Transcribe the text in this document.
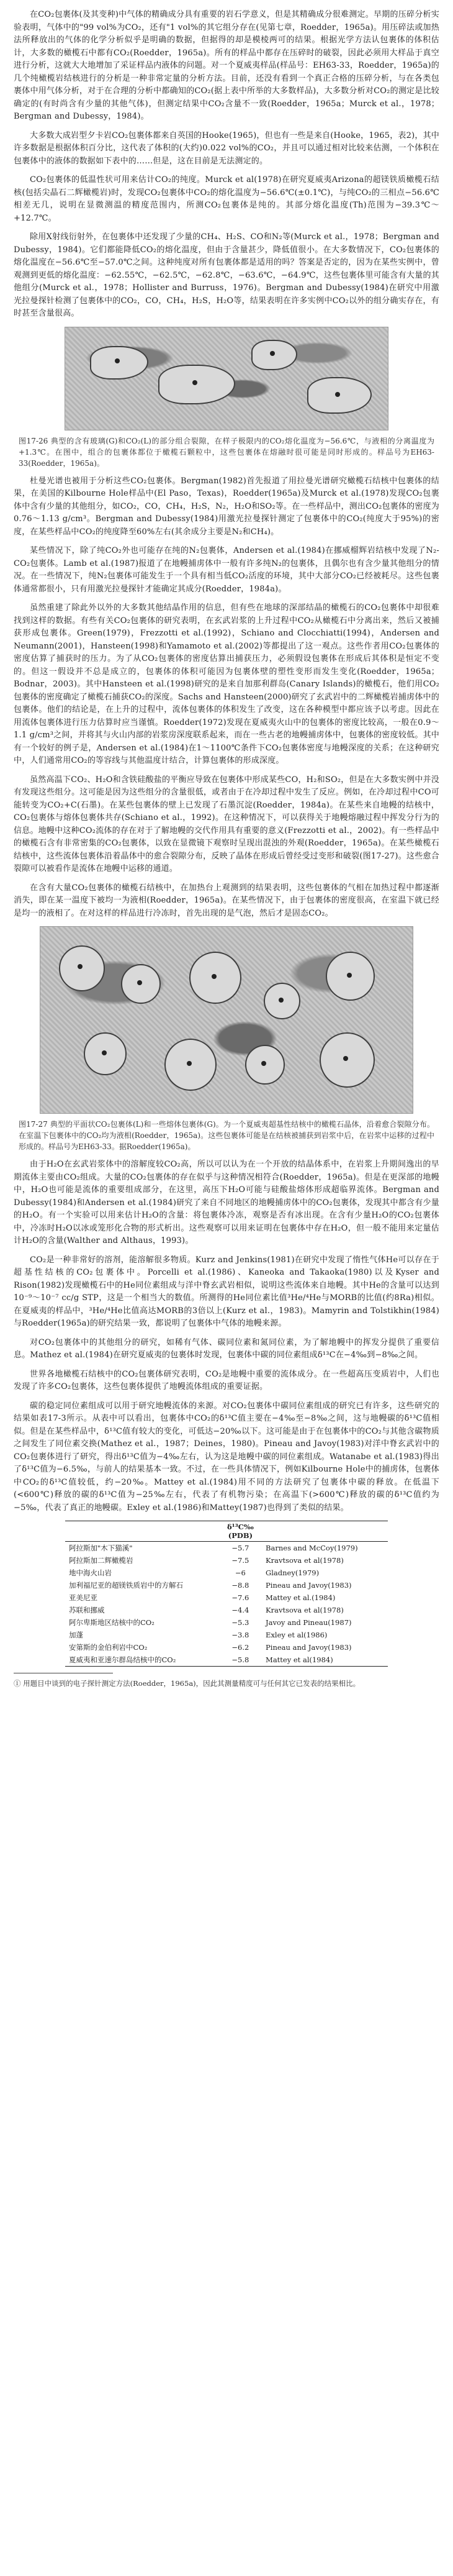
在CO₂包裹体(及其变种)中气体的精确成分具有重要的岩石学意义，但是其精确成分很难测定。早期的压碎分析实验表明，气体中的"99 vol%为CO₂，还有"1 vol%的其它组分存在(见第七章，Roedder，1965a)。用压碎法或加热法所释放出的气体的化学分析似乎是明确的数据，但据得的却是模棱两可的结果。根据光学方法认包裹体的体积估计，大多数的橄榄石中都有CO₂(Roedder，1965a)。所有的样品中都存在压碎时的破裂，因此必须用大样品于真空进行分析，这就大大地增加了采证样品内液体的问题。对一个夏威夷样品(样品号：EH63-33，Roedder，1965a)的几个纯橄榄岩结核进行的分析是一种非常定量的分析方法。目前，还没有看到一个真正合格的压碎分析，与在各类包裹体中用气体分析，对于在合理的分析中都确知的CO₂(据上表中所举的大多数样品)，大多数分析对CO₂的测定是比较确定的(有时尚含有少量的其他气体)，但测定结果中CO₂含量不一致(Roedder，1965a；Murck et al.，1978；Bergman and Dubessy，1984)。

大多数大成岩型夕卡岩CO₂包裹体都来自英国的Hooke(1965)，但也有一些是来自(Hooke，1965，表2)，其中许多数据是根据体积百分比，这代表了体积的(大约)0.022 vol%的CO₂，并且可以通过相对比较来估测，一个体积在包裹体中的液体的数据如下表中的……但是，这在目前是无法测定的。

CO₂包裹体的低温性状可用来估计CO₂的纯度。Murck et al(1978)在研究夏威夷Arizona的超镁铁质橄榄石结核(包括尖晶石二辉橄榄岩)时，发现CO₂包裹体中CO₂的熔化温度为−56.6℃(±0.1℃)，与纯CO₂的三相点−56.6℃相差无几，说明在显微测温的精度范围内，所测CO₂包裹体是纯的。其部分熔化温度(Th)范围为−39.3℃～+12.7℃。

除用X射线衍射外，在包裹体中还发现了少量的CH₄、H₂S、CO和N₂等(Murck et al.，1978；Bergman and Dubessy，1984)。它们都能降低CO₂的熔化温度，但由于含量甚少，降低值很小。在大多数情况下，CO₂包裹体的熔化温度在−56.6℃至−57.0℃之间。这种纯度对所有包裹体都是适用的吗？答案是否定的，因为在某些实例中，曾观测到更低的熔化温度：−62.55℃，−62.5℃，−62.8℃，−63.6℃，−64.9℃，这些包裹体里可能含有大量的其他组分(Murck et al.，1978；Hollister and Burruss，1976)。Bergman and Dubessy(1984)在研究中用激光拉曼探针检测了包裹体中的CO₂，CO，CH₄，H₂S，H₂O等，结果表明在许多实例中CO₂以外的组分确实存在，有时甚至含量很高。

图17-26 典型的含有玻璃(G)和CO₂(L)的部分组合裂隙，在样子极限内的CO₂熔化温度为−56.6℃，与液相的分离温度为+1.3℃。在图中，组合的包裹体都位于橄榄石颗粒中，这些包裹体在熔融时很可能是同时形成的。样品号为EH63-33(Roedder，1965a)。

杜曼光谱也被用于分析这些CO₂包裹体。Bergman(1982)首先报道了用拉曼光谱研究橄榄石结核中包裹体的结果，在美国的Kilbourne Hole样品中(El Paso，Texas)，Roedder(1965a)及Murck et al.(1978)发现CO₂包裹体中含有少量的其他组分，如CO₂，CO，CH₄，H₂S，N₂，H₂O和SO₂等。在一些样品中，测出CO₂包裹体的密度为0.76～1.13 g/cm³。Bergman and Dubessy(1984)用激光拉曼探针测定了包裹体中的CO₂(纯度大于95%)的密度，在某些样品中CO₂的纯度降至60%左右(其余成分主要是N₂和CH₄)。

某些情况下，除了纯CO₂外也可能存在纯的N₂包裹体，Andersen et al.(1984)在挪威榴辉岩结核中发现了N₂-CO₂包裹体。Lamb et al.(1987)报道了在地幔捕虏体中一般有许多纯N₂的包裹体，且偶尔也有含少量其他组分的情况。在一些情况下，纯N₂包裹体可能发生于一个具有相当低CO₂活度的环境，其中大部分CO₂已经被耗尽。这些包裹体通常都很小，只有用激光拉曼探针才能确定其成分(Roedder，1984a)。

虽然重建了除此外以外的大多数其他结晶作用的信息，但有些在地球的深部结晶的橄榄石的CO₂包裹体中却很难找到这样的数据。有些有关CO₂包裹体的研究表明，在玄武岩浆的上升过程中CO₂从橄榄石中分离出来，然后又被捕获形成包裹体。Green(1979)，Frezzotti et al.(1992)，Schiano and Clocchiatti(1994)，Andersen and Neumann(2001)，Hansteen(1998)和Yamamoto et al.(2002)等都提出了这一观点。这些作者用CO₂包裹体的密度估算了捕获时的压力。为了从CO₂包裹体的密度估算出捕获压力，必须假设包裹体在形成后其体积是恒定不变的。但这一假设并不总是成立的，包裹体的体积可能因为包裹体壁的塑性变形而发生变化(Roedder，1965a；Bodnar，2003)。其中Hansteen et al.(1998)研究的是来自加那利群岛(Canary Islands)的橄榄石，他们用CO₂包裹体的密度确定了橄榄石捕获CO₂的深度。Sachs and Hansteen(2000)研究了玄武岩中的二辉橄榄岩捕虏体中的包裹体。他们的结论是，在上升的过程中，流体包裹体的体积发生了改变，这在各种模型中都应该予以考虑。因此在用流体包裹体进行压力估算时应当谨慎。Roedder(1972)发现在夏威夷火山中的包裹体的密度比较高，一般在0.9～1.1 g/cm³之间，并将其与火山内部的岩浆房深度联系起来，而在一些古老的地幔捕虏体中，包裹体的密度较低。其中有一个较好的例子是，Andersen et al.(1984)在1～1100℃条件下CO₂包裹体密度与地幔深度的关系；在这种研究中，人们通常用CO₂的等容线与其他温度计结合，计算包裹体的形成深度。

虽然高温下CO₂、H₂O和含铁硅酸盐的平衡应导致在包裹体中形成某些CO，H₂和SO₂，但是在大多数实例中并没有发现这些组分。这可能是因为这些组分的含量很低，或者由于在冷却过程中发生了反应。例如，在冷却过程中CO可能转变为CO₂+C(石墨)。在某些包裹体的壁上已发现了石墨沉淀(Roedder，1984a)。在某些来自地幔的结核中，CO₂包裹体与熔体包裹体共存(Schiano et al.，1992)。在这种情况下，可以获得关于地幔熔融过程中挥发分行为的信息。地幔中这种CO₂流体的存在对于了解地幔的交代作用具有重要的意义(Frezzotti et al.，2002)。有一些样品中的橄榄石含有非常密集的CO₂包裹体，以致在显微镜下观察时呈现出混浊的外观(Roedder，1965a)。在某些橄榄石结核中，这些流体包裹体沿着晶体中的愈合裂隙分布，反映了晶体在形成后曾经受过变形和破裂(图17-27)。这些愈合裂隙可以被看作是流体在地幔中运移的通道。

在含有大量CO₂包裹体的橄榄石结核中，在加热台上观测到的结果表明，这些包裹体的气相在加热过程中都逐渐消失，即在某一温度下被均一为液相(Roedder，1965a)。在某些情况下，由于包裹体的密度很高，在室温下就已经是均一的液相了。在对这样的样品进行冷冻时，首先出现的是气泡，然后才是固态CO₂。

图17-27 典型的平面状CO₂包裹体(L)和一些熔体包裹体(G)。为一个夏威夷超基性结核中的橄榄石晶体，沿着愈合裂隙分布。在室温下包裹体中的CO₂均为液相(Roedder，1965a)。这些包裹体可能是在结核被捕获到岩浆中后，在岩浆中运移的过程中形成的。样品号为EH63-33。据Roedder(1965a)。

由于H₂O在玄武岩浆体中的溶解度较CO₂高，所以可以认为在一个开放的结晶体系中，在岩浆上升期间逸出的早期流体主要由CO₂组成。大量的CO₂包裹体的存在似乎与这种情况相符合(Roedder，1965a)。但是在更深部的地幔中，H₂O也可能是流体的重要组成部分，在这里，高压下H₂O可能与硅酸盐熔体形成超临界流体。Bergman and Dubessy(1984)和Andersen et al.(1984)研究了来自不同地区的地幔捕虏体中的CO₂包裹体，发现其中都含有少量的H₂O。有一个实验可以用来估计H₂O的含量：将包裹体冷冻，观察是否有冰出现。在含有少量H₂O的CO₂包裹体中，冷冻时H₂O以冰或笼形化合物的形式析出。这些观察可以用来证明在包裹体中存在H₂O，但一般不能用来定量估计H₂O的含量(Walther and Althaus，1993)。

CO₂是一种非常好的溶剂，能溶解很多物质。Kurz and Jenkins(1981)在研究中发现了惰性气体He可以存在于超基性结核的CO₂包裹体中。Porcelli et al.(1986)、Kaneoka and Takaoka(1980)以及Kyser and Rison(1982)发现橄榄石中的He同位素组成与洋中脊玄武岩相似，说明这些流体来自地幔。其中He的含量可以达到10⁻⁹～10⁻⁷ cc/g STP，这是一个相当大的数值。所测得的He同位素比值³He/⁴He与MORB的比值(约8Ra)相似。在夏威夷的样品中，³He/⁴He比值高达MORB的3倍以上(Kurz et al.，1983)。Mamyrin and Tolstikhin(1984)与Roedder(1965a)的研究结果一致，都说明了包裹体中气体的地幔来源。

对CO₂包裹体中的其他组分的研究，如稀有气体、碳同位素和氮同位素，为了解地幔中的挥发分提供了重要信息。Mathez et al.(1984)在研究夏威夷的包裹体时发现，包裹体中碳的同位素组成δ¹³C在−4‰到−8‰之间。

世界各地橄榄石结核中的CO₂包裹体研究表明，CO₂是地幔中重要的流体成分。在一些超高压变质岩中，人们也发现了许多CO₂包裹体，这些包裹体提供了地幔流体组成的重要证据。

碳的稳定同位素组成可以用于研究地幔流体的来源。对CO₂包裹体中碳同位素组成的研究已有许多，这些研究的结果如表17-3所示。从表中可以看出，包裹体中CO₂的δ¹³C值主要在−4‰至−8‰之间，这与地幔碳的δ¹³C值相似。但是在某些样品中，δ¹³C值有较大的变化，可低达−20‰以下。这可能是由于在包裹体中的CO₂与其他含碳物质之间发生了同位素交换(Mathez et al.，1987；Deines，1980)。Pineau and Javoy(1983)对洋中脊玄武岩中的CO₂包裹体进行了研究，得出δ¹³C值为−4‰左右，认为这是地幔中碳的同位素组成。Watanabe et al.(1983)得出了δ¹³C值为−6.5‰，与前人的结果基本一致。不过，在一些具体情况下，例如Kilbourne Hole中的捕虏体，包裹体中CO₂的δ¹³C值较低，约−20‰。Mattey et al.(1984)用不同的方法研究了包裹体中碳的释放。在低温下(<600℃)释放的碳的δ¹³C值为−25‰左右，代表了有机物污染；在高温下(>600℃)释放的碳的δ¹³C值约为−5‰，代表了真正的地幔碳。Exley et al.(1986)和Mattey(1987)也得到了类似的结果。

	δ¹³C‰
(PDB)	
阿拉斯加"木下猫溪"	−5.7	Barnes and McCoy(1979)
阿拉斯加二辉橄榄岩	−7.5	Kravtsova et al(1978)
地中海火山岩	−6	Gladney(1979)
加利福尼亚的超镁铁质岩中的方解石	−8.8	Pineau and Javoy(1983)
亚美尼亚	−7.6	Mattey et al.(1984)
苏联和挪威	−4.4	Kravtsova et al(1978)
阿尔卑斯地区结核中的CO₂	−5.3	Javoy and Pineau(1987)
加蓬	−3.8	Exley et al(1986)
安第斯的金伯利岩中CO₂	−6.2	Pineau and Javoy(1983)
夏威夷和亚速尔群岛结核中的CO₂	−5.8	Mattey et al(1984)
① 用题目中谈到的电子探针测定方法(Roedder，1965a)，因此其测量精度可与任何其它已发表的结果相比。
